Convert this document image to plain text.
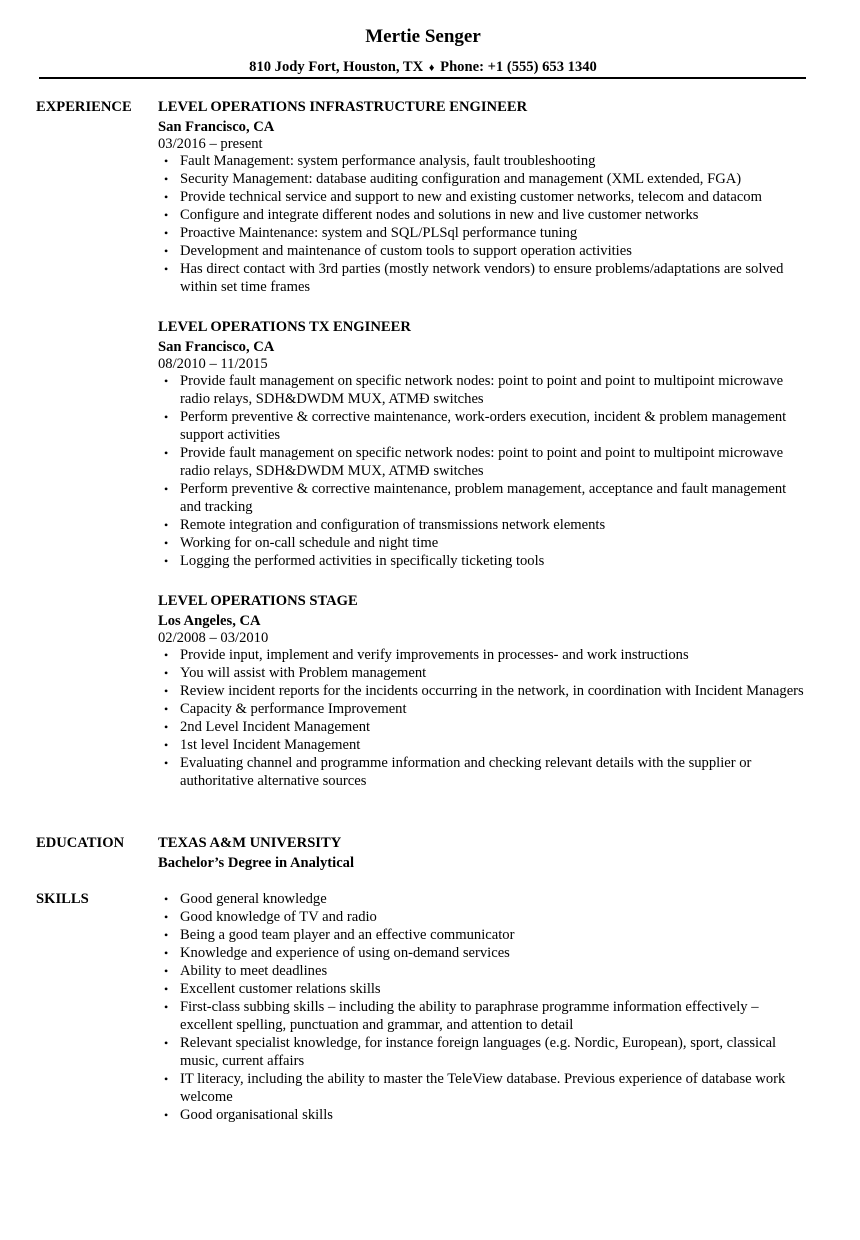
Mertie Senger
810 Jody Fort, Houston, TX ♦ Phone: +1 (555) 653 1340
EXPERIENCE LEVEL OPERATIONS INFRASTRUCTURE ENGINEER
San Francisco, CA
03/2016 – present
• Fault Management: system performance analysis, fault troubleshooting
• Security Management: database auditing configuration and management (XML extended, FGA)
• Provide technical service and support to new and existing customer networks, telecom and datacom
• Configure and integrate different nodes and solutions in new and live customer networks
• Proactive Maintenance: system and SQL/PLSql performance tuning
• Development and maintenance of custom tools to support operation activities
• Has direct contact with 3rd parties (mostly network vendors) to ensure problems/adaptations are solved within set time frames
LEVEL OPERATIONS TX ENGINEER
San Francisco, CA
08/2010 – 11/2015
• Provide fault management on specific network nodes: point to point and point to multipoint microwave radio relays, SDH&DWDM MUX, ATMÐ switches
• Perform preventive & corrective maintenance, work-orders execution, incident & problem management support activities
• Provide fault management on specific network nodes: point to point and point to multipoint microwave radio relays, SDH&DWDM MUX, ATMÐ switches
• Perform preventive & corrective maintenance, problem management, acceptance and fault management and tracking
• Remote integration and configuration of transmissions network elements
• Working for on-call schedule and night time
• Logging the performed activities in specifically ticketing tools
LEVEL OPERATIONS STAGE
Los Angeles, CA
02/2008 – 03/2010
• Provide input, implement and verify improvements in processes- and work instructions
• You will assist with Problem management
• Review incident reports for the incidents occurring in the network, in coordination with Incident Managers
• Capacity & performance Improvement
• 2nd Level Incident Management
• 1st level Incident Management
• Evaluating channel and programme information and checking relevant details with the supplier or authoritative alternative sources
EDUCATION TEXAS A&M UNIVERSITY
Bachelor’s Degree in Analytical
SKILLS	• Good general knowledge
• Good knowledge of TV and radio
• Being a good team player and an effective communicator
• Knowledge and experience of using on-demand services
• Ability to meet deadlines
• Excellent customer relations skills
• First-class subbing skills – including the ability to paraphrase programme information effectively – excellent spelling, punctuation and grammar, and attention to detail
• Relevant specialist knowledge, for instance foreign languages (e.g. Nordic, European), sport, classical music, current affairs
• IT literacy, including the ability to master the TeleView database. Previous experience of database work welcome
• Good organisational skills
